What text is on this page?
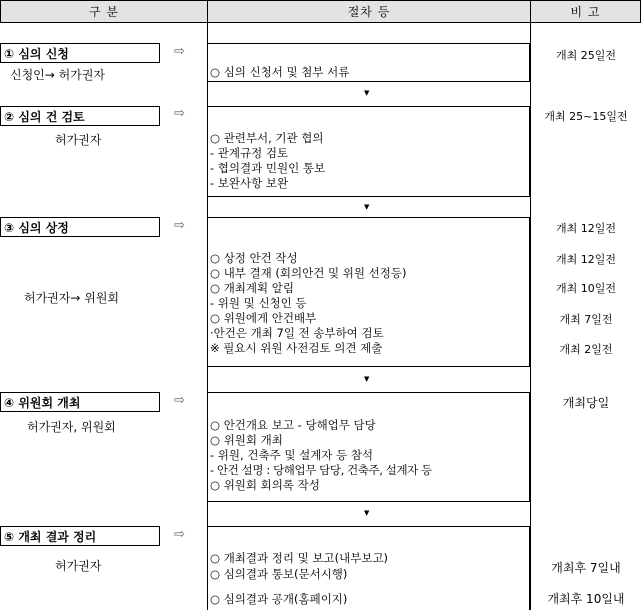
구 분	절차 등	비 고
① 심의 신청
신청인→ 허가권자
⇨
○ 심의 신청서 및 첨부 서류
▼
개최 25일전
② 심의 건 검토
허가권자
⇨
○ 관련부서, 기관 협의
- 관계규정 검토
- 협의결과 민원인 통보
- 보완사항 보완
▼
개최 25~15일전
③ 심의 상정
허가권자→ 위원회
⇨
○ 상정 안건 작성
○ 내부 결재 (회의안건 및 위원 선정등)
○ 개최계획 알림
- 위원 및 신청인 등
○ 위원에게 안건배부
·안건은 개최 7일 전 송부하여 검토
※ 필요시 위원 사전검토 의견 제출
▼
개최 12일전
개최 12일전
개최 10일전
개최 7일전
개최 2일전
④ 위원회 개최
허가권자, 위원회
⇨
○ 안건개요 보고 - 당해업무 담당
○ 위원회 개최
- 위원, 건축주 및 설계자 등 참석
- 안건 설명 : 당해업무 담당, 건축주, 설계자 등
○ 위원회 회의록 작성
▼
개최당일
⑤ 개최 결과 정리
허가권자
⇨
○ 개최결과 정리 및 보고(내부보고)
○ 심의결과 통보(문서시행)
○ 심의결과 공개(홈페이지)
개최후 7일내
개최후 10일내
